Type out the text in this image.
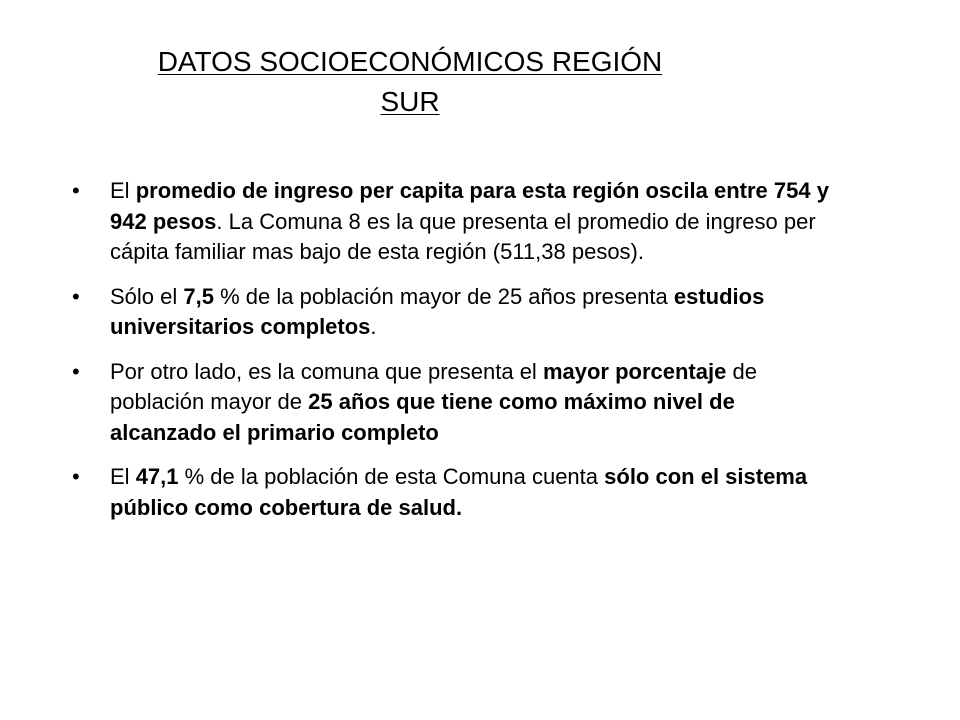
DATOS SOCIOECONÓMICOS REGIÓN
SUR
•	El promedio de ingreso per capita para esta región oscila entre 754 y 942 pesos. La Comuna 8 es la que presenta el promedio de ingreso per cápita familiar mas bajo de esta región (511,38 pesos).
•	Sólo el 7,5 % de la población mayor de 25 años presenta estudios universitarios completos.
•	Por otro lado, es la comuna que presenta el mayor porcentaje de población mayor de 25 años que tiene como máximo nivel de alcanzado el primario completo
•	El 47,1 % de la población de esta Comuna cuenta sólo con el sistema público como cobertura de salud.
